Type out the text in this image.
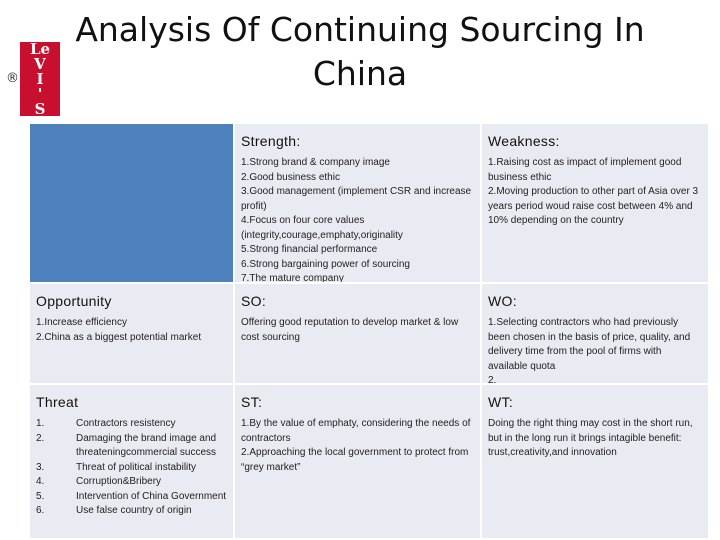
®
Le
V
I
'
S
Analysis Of Continuing Sourcing In China
Strength:
1.Strong brand & company image
2.Good business ethic
3.Good management (implement CSR and increase profit)
4.Focus on four core values (integrity,courage,emphaty,originality
5.Strong financial performance
6.Strong bargaining power of sourcing
7.The mature company
Weakness:
1.Raising cost as impact of implement good business ethic
2.Moving production to other part of Asia over 3 years period woud raise cost between 4% and 10% depending on the country
Opportunity
1.Increase efficiency
2.China as a biggest potential market
SO:
Offering good reputation to develop market & low cost sourcing
WO:
1.Selecting contractors who had previously been chosen in the basis of price, quality, and delivery time from the pool of firms with available quota
2.
Threat
1.	Contractors resistency
2.	Damaging the brand image and threateningcommercial success
3.	Threat of political instability
4.	Corruption&Bribery
5.	Intervention of China Government
6.	Use false country of origin
ST:
1.By the value of emphaty, considering the needs of contractors
2.Approaching the local government to protect from “grey market”
WT:
Doing the right thing may cost in the short run, but in the long run it brings intagible benefit: trust,creativity,and innovation
